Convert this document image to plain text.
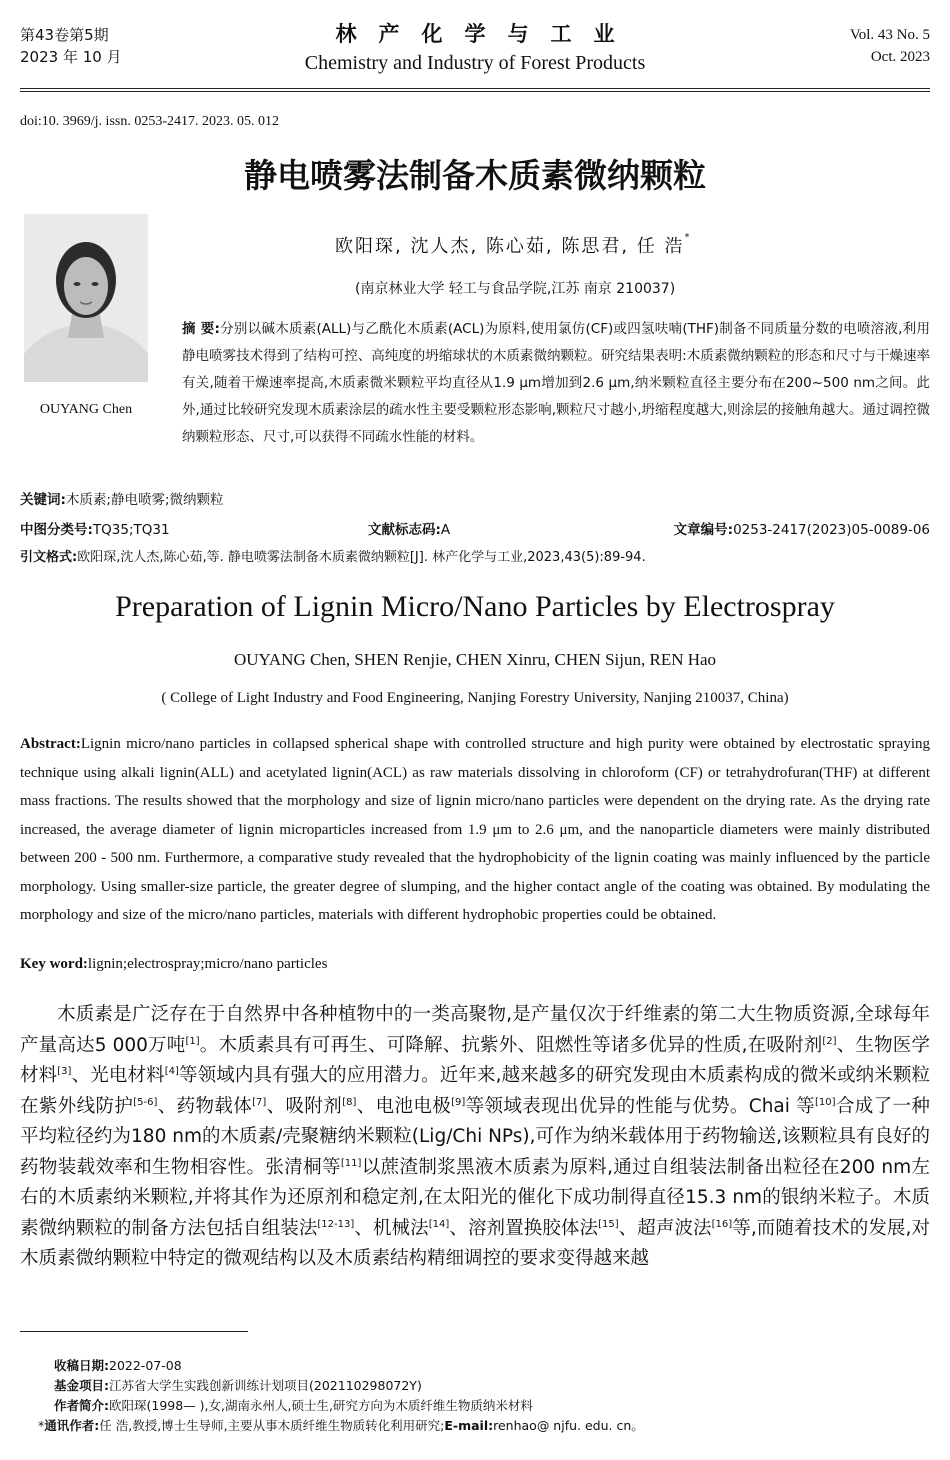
第43卷第5期
2023 年 10 月
林产化学与工业
Chemistry and Industry of Forest Products
Vol. 43 No. 5
Oct. 2023
doi:10. 3969/j. issn. 0253-2417. 2023. 05. 012
静电喷雾法制备木质素微纳颗粒
OUYANG Chen
欧阳琛, 沈人杰, 陈心茹, 陈思君, 任 浩*
(南京林业大学 轻工与食品学院,江苏 南京 210037)
摘 要:分别以碱木质素(ALL)与乙酰化木质素(ACL)为原料,使用氯仿(CF)或四氢呋喃(THF)制备不同质量分数的电喷溶液,利用静电喷雾技术得到了结构可控、高纯度的坍缩球状的木质素微纳颗粒。研究结果表明:木质素微纳颗粒的形态和尺寸与干燥速率有关,随着干燥速率提高,木质素微米颗粒平均直径从1.9 μm增加到2.6 μm,纳米颗粒直径主要分布在200~500 nm之间。此外,通过比较研究发现木质素涂层的疏水性主要受颗粒形态影响,颗粒尺寸越小,坍缩程度越大,则涂层的接触角越大。通过调控微纳颗粒形态、尺寸,可以获得不同疏水性能的材料。
关键词:木质素;静电喷雾;微纳颗粒
中图分类号:TQ35;TQ31	文献标志码:A	文章编号:0253-2417(2023)05-0089-06
引文格式:欧阳琛,沈人杰,陈心茹,等. 静电喷雾法制备木质素微纳颗粒[J]. 林产化学与工业,2023,43(5):89-94.
Preparation of Lignin Micro/Nano Particles by Electrospray
OUYANG Chen, SHEN Renjie, CHEN Xinru, CHEN Sijun, REN Hao
( College of Light Industry and Food Engineering, Nanjing Forestry University, Nanjing 210037, China)
Abstract:Lignin micro/nano particles in collapsed spherical shape with controlled structure and high purity were obtained by electrostatic spraying technique using alkali lignin(ALL) and acetylated lignin(ACL) as raw materials dissolving in chloroform (CF) or tetrahydrofuran(THF) at different mass fractions. The results showed that the morphology and size of lignin micro/nano particles were dependent on the drying rate. As the drying rate increased, the average diameter of lignin microparticles increased from 1.9 μm to 2.6 μm, and the nanoparticle diameters were mainly distributed between 200 - 500 nm. Furthermore, a comparative study revealed that the hydrophobicity of the lignin coating was mainly influenced by the particle morphology. Using smaller-size particle, the greater degree of slumping, and the higher contact angle of the coating was obtained. By modulating the morphology and size of the micro/nano particles, materials with different hydrophobic properties could be obtained.
Key word:lignin;electrospray;micro/nano particles
木质素是广泛存在于自然界中各种植物中的一类高聚物,是产量仅次于纤维素的第二大生物质资源,全球每年产量高达5 000万吨[1]。木质素具有可再生、可降解、抗紫外、阻燃性等诸多优异的性质,在吸附剂[2]、生物医学材料[3]、光电材料[4]等领域内具有强大的应用潜力。近年来,越来越多的研究发现由木质素构成的微米或纳米颗粒在紫外线防护[5-6]、药物载体[7]、吸附剂[8]、电池电极[9]等领域表现出优异的性能与优势。Chai 等[10]合成了一种平均粒径约为180 nm的木质素/壳聚糖纳米颗粒(Lig/Chi NPs),可作为纳米载体用于药物输送,该颗粒具有良好的药物装载效率和生物相容性。张清桐等[11]以蔗渣制浆黑液木质素为原料,通过自组装法制备出粒径在200 nm左右的木质素纳米颗粒,并将其作为还原剂和稳定剂,在太阳光的催化下成功制得直径15.3 nm的银纳米粒子。木质素微纳颗粒的制备方法包括自组装法[12-13]、机械法[14]、溶剂置换胶体法[15]、超声波法[16]等,而随着技术的发展,对木质素微纳颗粒中特定的微观结构以及木质素结构精细调控的要求变得越来越
收稿日期:2022-07-08
基金项目:江苏省大学生实践创新训练计划项目(202110298072Y)
作者简介:欧阳琛(1998— ),女,湖南永州人,硕士生,研究方向为木质纤维生物质纳米材料
*通讯作者:任 浩,教授,博士生导师,主要从事木质纤维生物质转化利用研究;E-mail:renhao@ njfu. edu. cn。
